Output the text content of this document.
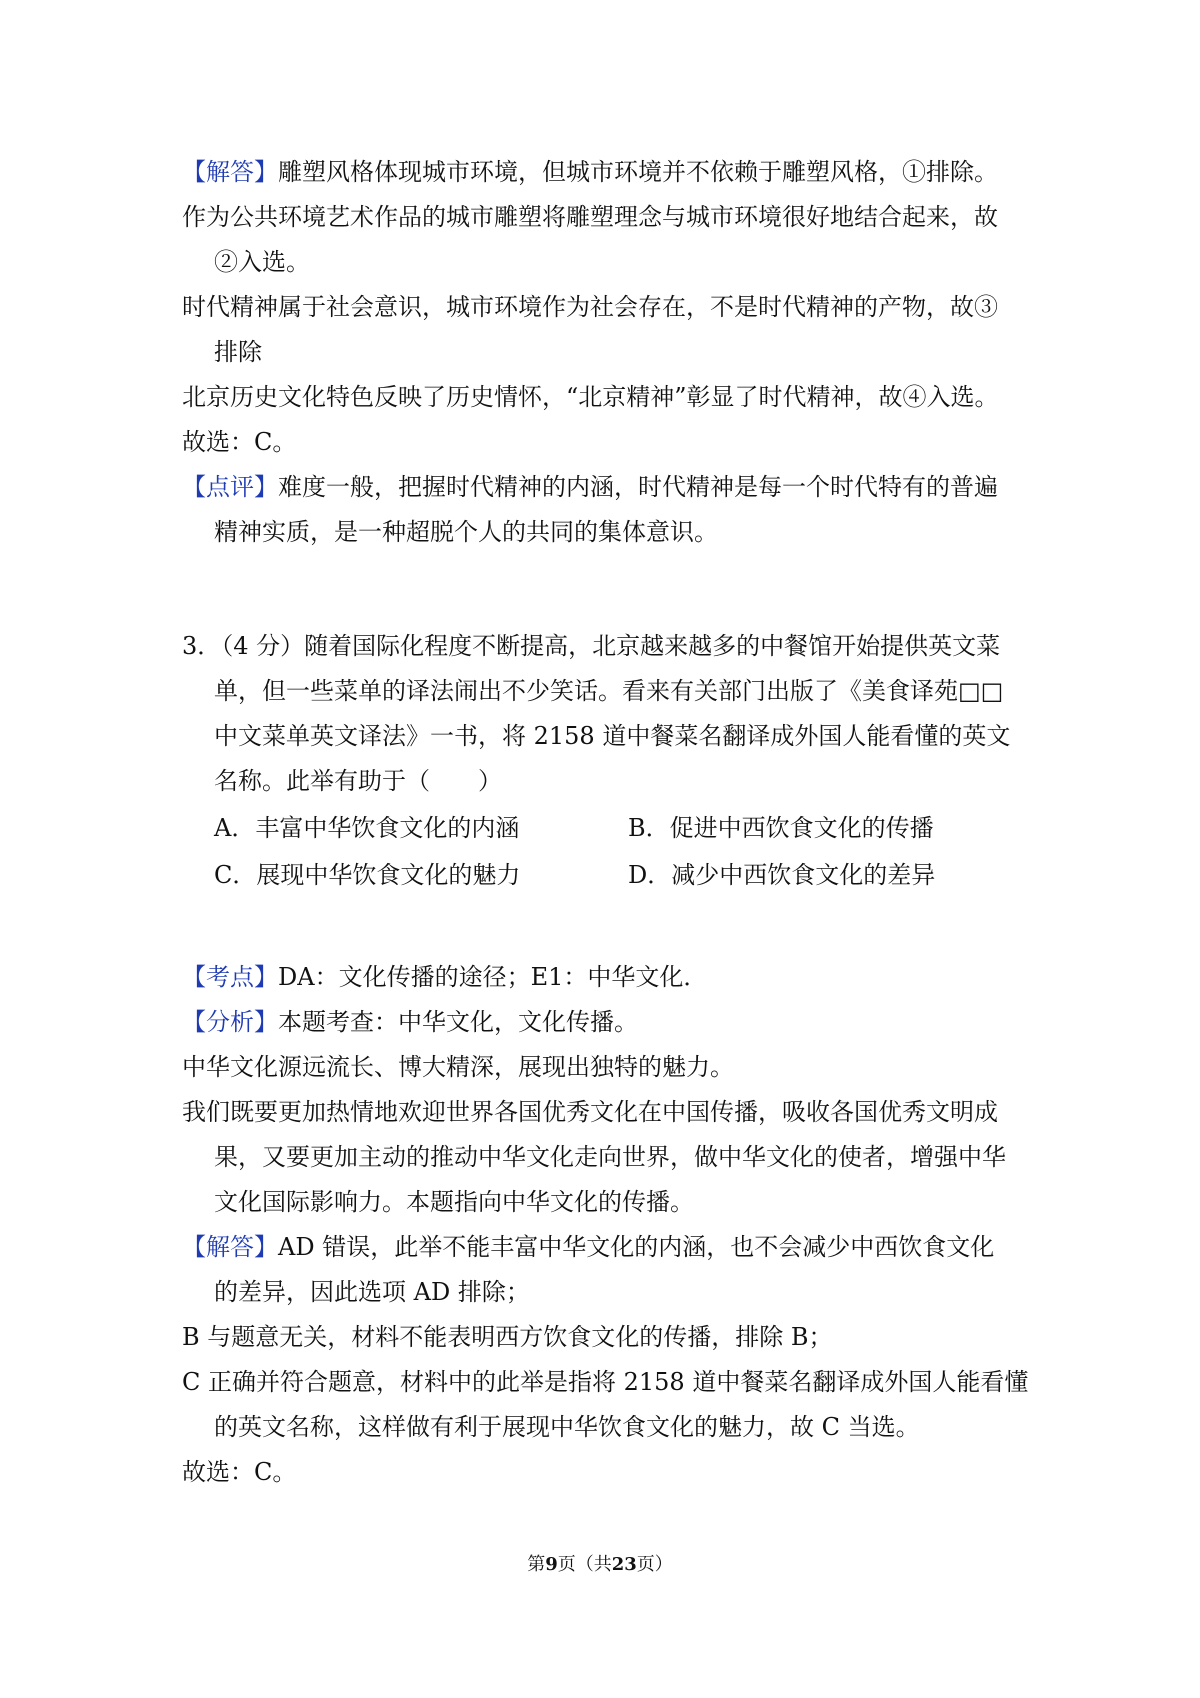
【解答】雕塑风格体现城市环境，但城市环境并不依赖于雕塑风格，①排除。
作为公共环境艺术作品的城市雕塑将雕塑理念与城市环境很好地结合起来，故
②入选。
时代精神属于社会意识，城市环境作为社会存在，不是时代精神的产物，故③
排除
北京历史文化特色反映了历史情怀，“北京精神”彰显了时代精神，故④入选。
故选：C。
【点评】难度一般，把握时代精神的内涵，时代精神是每一个时代特有的普遍
精神实质，是一种超脱个人的共同的集体意识。
3．（4 分）随着国际化程度不断提高，北京越来越多的中餐馆开始提供英文菜
单，但一些菜单的译法闹出不少笑话。看来有关部门出版了《美食译苑□□
中文菜单英文译法》一书，将 2158 道中餐菜名翻译成外国人能看懂的英文
名称。此举有助于（　　）
A．丰富中华饮食文化的内涵	B．促进中西饮食文化的传播
C．展现中华饮食文化的魅力	D．减少中西饮食文化的差异
【考点】DA：文化传播的途径；E1：中华文化．
【分析】本题考查：中华文化，文化传播。
中华文化源远流长、博大精深，展现出独特的魅力。
我们既要更加热情地欢迎世界各国优秀文化在中国传播，吸收各国优秀文明成
果，又要更加主动的推动中华文化走向世界，做中华文化的使者，增强中华
文化国际影响力。本题指向中华文化的传播。
【解答】AD 错误，此举不能丰富中华文化的内涵，也不会减少中西饮食文化
的差异，因此选项 AD 排除；
B 与题意无关，材料不能表明西方饮食文化的传播，排除 B；
C 正确并符合题意，材料中的此举是指将 2158 道中餐菜名翻译成外国人能看懂
的英文名称，这样做有利于展现中华饮食文化的魅力，故 C 当选。
故选：C。
第9页（共23页）
